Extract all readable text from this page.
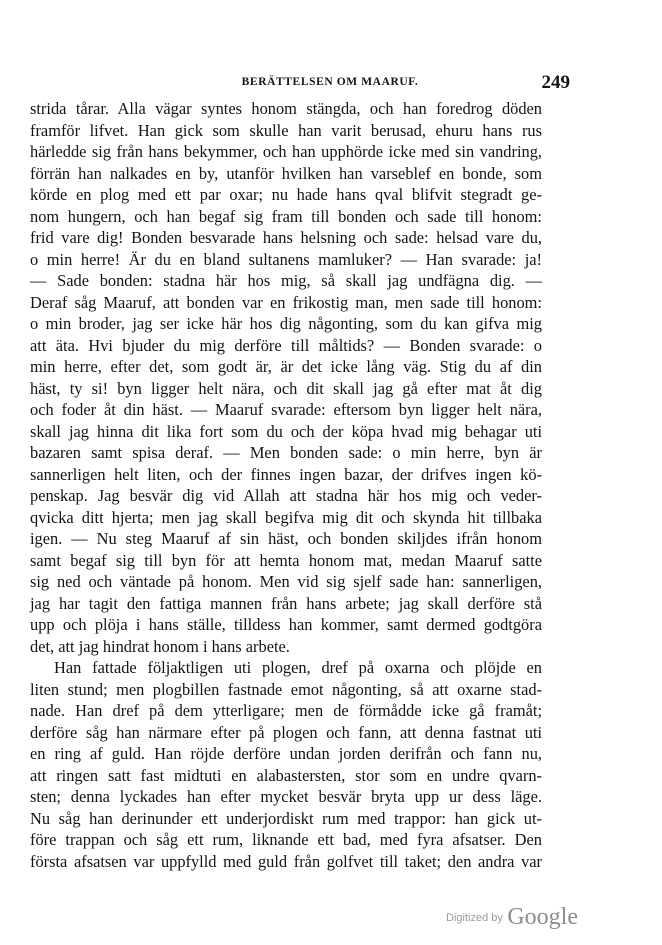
BERÄTTELSEN OM MAARUF.	249
strida tårar. Alla vägar syntes honom stängda, och han foredrog döden
framför lifvet. Han gick som skulle han varit berusad, ehuru hans rus
härledde sig från hans bekymmer, och han upphörde icke med sin vandring,
förrän han nalkades en by, utanför hvilken han varseblef en bonde, som
körde en plog med ett par oxar; nu hade hans qval blifvit stegradt ge-
nom hungern, och han begaf sig fram till bonden och sade till honom:
frid vare dig! Bonden besvarade hans helsning och sade: helsad vare du,
o min herre! Är du en bland sultanens mamluker? — Han svarade: ja!
— Sade bonden: stadna här hos mig, så skall jag undfägna dig. —
Deraf såg Maaruf, att bonden var en frikostig man, men sade till honom:
o min broder, jag ser icke här hos dig någonting, som du kan gifva mig
att äta. Hvi bjuder du mig derföre till måltids? — Bonden svarade: o
min herre, efter det, som godt är, är det icke lång väg. Stig du af din
häst, ty si! byn ligger helt nära, och dit skall jag gå efter mat åt dig
och foder åt din häst. — Maaruf svarade: eftersom byn ligger helt nära,
skall jag hinna dit lika fort som du och der köpa hvad mig behagar uti
bazaren samt spisa deraf. — Men bonden sade: o min herre, byn är
sannerligen helt liten, och der finnes ingen bazar, der drifves ingen kö-
penskap. Jag besvär dig vid Allah att stadna här hos mig och veder-
qvicka ditt hjerta; men jag skall begifva mig dit och skynda hit tillbaka
igen. — Nu steg Maaruf af sin häst, och bonden skiljdes ifrån honom
samt begaf sig till byn för att hemta honom mat, medan Maaruf satte
sig ned och väntade på honom. Men vid sig sjelf sade han: sannerligen,
jag har tagit den fattiga mannen från hans arbete; jag skall derföre stå
upp och plöja i hans ställe, tilldess han kommer, samt dermed godtgöra
det, att jag hindrat honom i hans arbete.
Han fattade följaktligen uti plogen, dref på oxarna och plöjde en
liten stund; men plogbillen fastnade emot någonting, så att oxarne stad-
nade. Han dref på dem ytterligare; men de förmådde icke gå framåt;
derföre såg han närmare efter på plogen och fann, att denna fastnat uti
en ring af guld. Han röjde derföre undan jorden derifrån och fann nu,
att ringen satt fast midtuti en alabastersten, stor som en undre qvarn-
sten; denna lyckades han efter mycket besvär bryta upp ur dess läge.
Nu såg han derinunder ett underjordiskt rum med trappor: han gick ut-
före trappan och såg ett rum, liknande ett bad, med fyra afsatser. Den
första afsatsen var uppfylld med guld från golfvet till taket; den andra var
Digitized by Google
